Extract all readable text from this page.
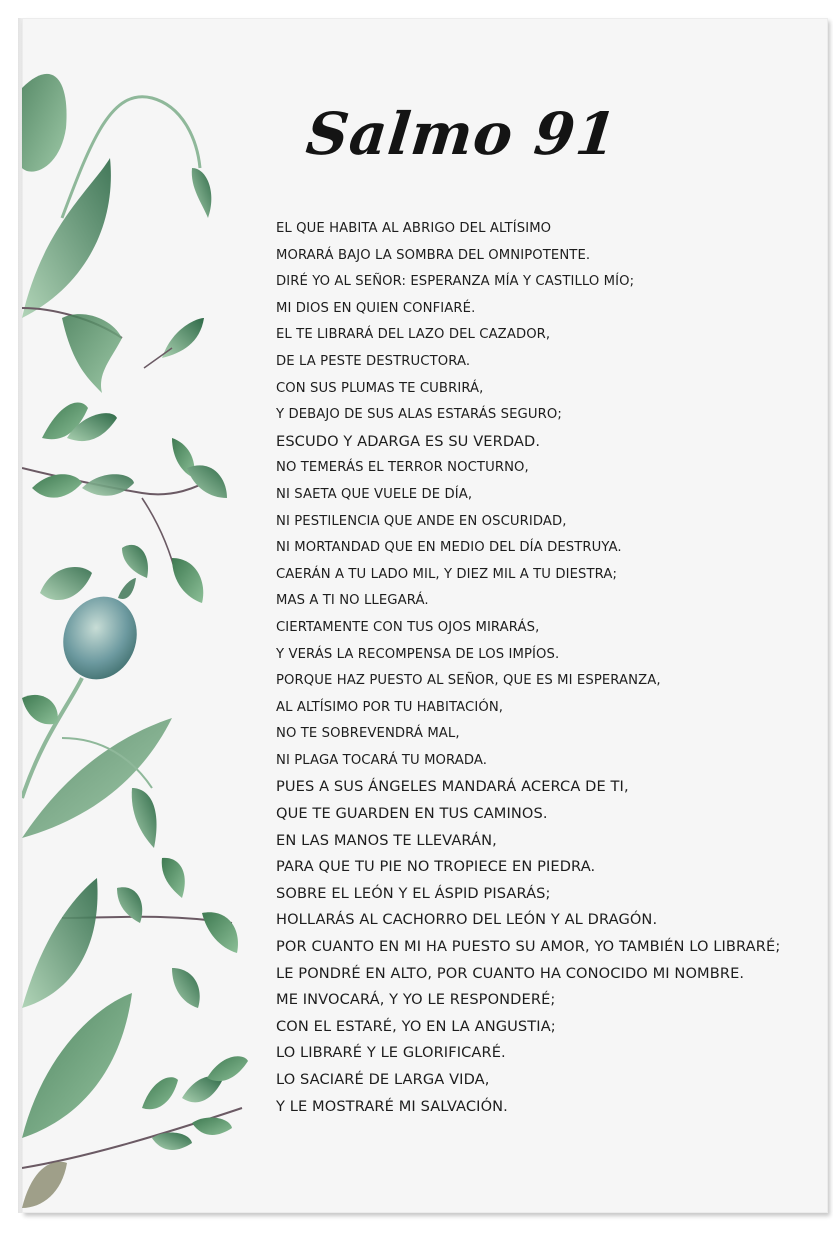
Salmo 91
EL QUE HABITA AL ABRIGO DEL ALTÍSIMO
MORARÁ BAJO LA SOMBRA DEL OMNIPOTENTE.
DIRÉ YO AL SEÑOR: ESPERANZA MÍA Y CASTILLO MÍO;
MI DIOS EN QUIEN CONFIARÉ.
EL TE LIBRARÁ DEL LAZO DEL CAZADOR,
DE LA PESTE DESTRUCTORA.
CON SUS PLUMAS TE CUBRIRÁ,
Y DEBAJO DE SUS ALAS ESTARÁS SEGURO;
ESCUDO Y ADARGA ES SU VERDAD.
NO TEMERÁS EL TERROR NOCTURNO,
NI SAETA QUE VUELE DE DÍA,
NI PESTILENCIA QUE ANDE EN OSCURIDAD,
NI MORTANDAD QUE EN MEDIO DEL DÍA DESTRUYA.
CAERÁN A TU LADO MIL, Y DIEZ MIL A TU DIESTRA;
MAS A TI NO LLEGARÁ.
CIERTAMENTE CON TUS OJOS MIRARÁS,
Y VERÁS LA RECOMPENSA DE LOS IMPÍOS.
PORQUE HAZ PUESTO AL SEÑOR, QUE ES MI ESPERANZA,
AL ALTÍSIMO POR TU HABITACIÓN,
NO TE SOBREVENDRÁ MAL,
NI PLAGA TOCARÁ TU MORADA.
PUES A SUS ÁNGELES MANDARÁ ACERCA DE TI,
QUE TE GUARDEN EN TUS CAMINOS.
EN LAS MANOS TE LLEVARÁN,
PARA QUE TU PIE NO TROPIECE EN PIEDRA.
SOBRE EL LEÓN Y EL ÁSPID PISARÁS;
HOLLARÁS AL CACHORRO DEL LEÓN Y AL DRAGÓN.
POR CUANTO EN MI HA PUESTO SU AMOR, YO TAMBIÉN LO LIBRARÉ;
LE PONDRÉ EN ALTO, POR CUANTO HA CONOCIDO MI NOMBRE.
ME INVOCARÁ, Y YO LE RESPONDERÉ;
CON EL ESTARÉ, YO EN LA ANGUSTIA;
LO LIBRARÉ Y LE GLORIFICARÉ.
LO SACIARÉ DE LARGA VIDA,
Y LE MOSTRARÉ MI SALVACIÓN.
